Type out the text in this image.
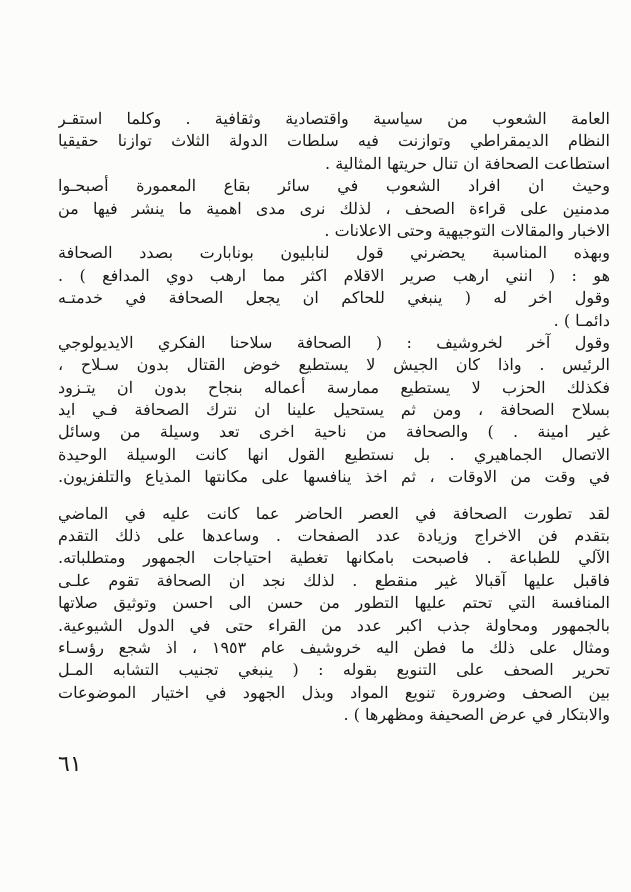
العامة الشعوب من سياسية واقتصادية وثقافية . وكلما استقـر
النظام الديمقراطي وتوازنت فيه سلطات الدولة الثلاث توازنا حقيقيا
استطاعت الصحافة ان تنال حريتها المثالية .
وحيث ان افراد الشعوب في سائر بقاع المعمورة أصبحـوا
مدمنين على قراءة الصحف ، لذلك نرى مدى اهمية ما ينشر فيها من
الاخبار والمقالات التوجيهية وحتى الاعلانات .
وبهذه المناسبة يحضرني قول لنابليون بونابارت بصدد الصحافة
هو : ( انني ارهب صرير الاقلام اكثر مما ارهب دوي المدافع ) .
وقول اخر له ( ينبغي للحاكم ان يجعل الصحافة في خدمتـه
دائمـا ) .
وقول آخر لخروشيف : ( الصحافة سلاحنا الفكري الايديولوجي
الرئيس . واذا كان الجيش لا يستطيع خوض القتال بدون سـلاح ،
فكذلك الحزب لا يستطيع ممارسة أعماله بنجاح بدون ان يتـزود
بسلاح الصحافة ، ومن ثم يستحيل علينا ان نترك الصحافة فـي ايد
غير امينة . ) والصحافة من ناحية اخرى تعد وسيلة من وسائل
الاتصال الجماهيري . بل نستطيع القول انها كانت الوسيلة الوحيدة
في وقت من الاوقات ، ثم اخذ ينافسها على مكانتها المذياع والتلفزيون.
لقد تطورت الصحافة في العصر الحاضر عما كانت عليه في الماضي
بتقدم فن الاخراج وزيادة عدد الصفحات . وساعدها على ذلك التقدم
الآلي للطباعة . فاصبحت بامكانها تغطية احتياجات الجمهور ومتطلباته.
فاقبل عليها آقبالا غير منقطع . لذلك نجد ان الصحافة تقوم علـى
المنافسة التي تحتم عليها التطور من حسن الى احسن وتوثيق صلاتها
بالجمهور ومحاولة جذب اكبر عدد من القراء حتى في الدول الشيوعية.
ومثال على ذلك ما فطن اليه خروشيف عام ١٩٥٣ ، اذ شجع رؤسـاء
تحرير الصحف على التنويع بقوله : ( ينبغي تجنيب التشابه المـل
بين الصحف وضرورة تنويع المواد وبذل الجهود في اختيار الموضوعات
والابتكار في عرض الصحيفة ومظهرها ) .
٦١
